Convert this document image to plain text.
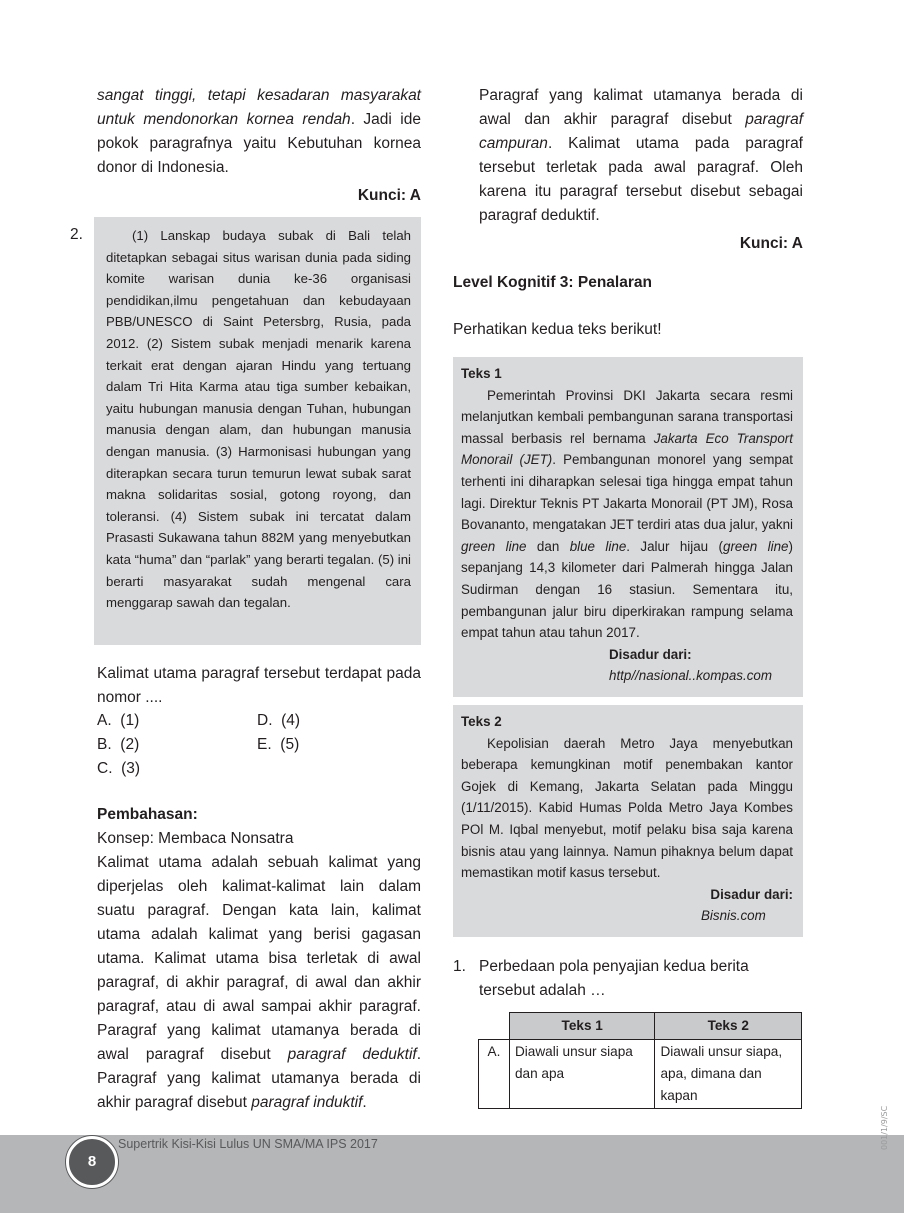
sangat tinggi, tetapi kesadaran masyarakat untuk mendonorkan kornea rendah. Jadi ide pokok paragrafnya yaitu Kebutuhan kornea donor di Indonesia.

Kunci: A

2.	(1) Lanskap budaya subak di Bali telah ditetapkan sebagai situs warisan dunia pada siding komite warisan dunia ke-36 organisasi pendidikan,ilmu pengetahuan dan kebudayaan PBB/UNESCO di Saint Petersbrg, Rusia, pada 2012. (2) Sistem subak menjadi menarik karena terkait erat dengan ajaran Hindu yang tertuang dalam Tri Hita Karma atau tiga sumber kebaikan, yaitu hubungan manusia dengan Tuhan, hubungan manusia dengan alam, dan hubungan manusia dengan manusia. (3) Harmonisasi hubungan yang diterapkan secara turun temurun lewat subak sarat makna solidaritas sosial, gotong royong, dan toleransi. (4) Sistem subak ini tercatat dalam Prasasti Sukawana tahun 882M yang menyebutkan kata “huma” dan “parlak” yang berarti tegalan. (5) ini berarti masyarakat sudah mengenal cara menggarap sawah dan tegalan.

Kalimat utama paragraf tersebut terdapat pada nomor ....

A. (1)
B. (2)
C. (3)
D. (4)
E. (5)

Pembahasan:

Konsep: Membaca Nonsatra

Kalimat utama adalah sebuah kalimat yang diperjelas oleh kalimat-kalimat lain dalam suatu paragraf. Dengan kata lain, kalimat utama adalah kalimat yang berisi gagasan utama. Kalimat utama bisa terletak di awal paragraf, di akhir paragraf, di awal dan akhir paragraf, atau di awal sampai akhir paragraf. Paragraf yang kalimat utamanya berada di awal paragraf disebut paragraf deduktif. Paragraf yang kalimat utamanya berada di akhir paragraf disebut paragraf induktif.

Paragraf yang kalimat utamanya berada di awal dan akhir paragraf disebut paragraf campuran. Kalimat utama pada paragraf tersebut terletak pada awal paragraf. Oleh karena itu paragraf tersebut disebut sebagai paragraf deduktif.

Kunci: A

Level Kognitif 3: Penalaran

Perhatikan kedua teks berikut!

Teks 1

Pemerintah Provinsi DKI Jakarta secara resmi melanjutkan kembali pembangunan sarana transportasi massal berbasis rel bernama Jakarta Eco Transport Monorail (JET). Pembangunan monorel yang sempat terhenti ini diharapkan selesai tiga hingga empat tahun lagi. Direktur Teknis PT Jakarta Monorail (PT JM), Rosa Bovananto, mengatakan JET terdiri atas dua jalur, yakni green line dan blue line. Jalur hijau (green line) sepanjang 14,3 kilometer dari Palmerah hingga Jalan Sudirman dengan 16 stasiun. Sementara itu, pembangunan jalur biru diperkirakan rampung selama empat tahun atau tahun 2017.

Disadur dari:

http//nasional..kompas.com

Teks 2

Kepolisian daerah Metro Jaya menyebutkan beberapa kemungkinan motif penembakan kantor Gojek di Kemang, Jakarta Selatan pada Minggu (1/11/2015). Kabid Humas Polda Metro Jaya Kombes POl M. Iqbal menyebut, motif pelaku bisa saja karena bisnis atau yang lainnya. Namun pihaknya belum dapat memastikan motif kasus tersebut.

Disadur dari:

Bisnis.com

1. Perbedaan pola penyajian kedua berita tersebut adalah …

	Teks 1	Teks 2
A.	Diawali unsur siapa dan apa	Diawali unsur siapa, apa, dimana dan kapan
Supertrik Kisi-Kisi Lulus UN SMA/MA IPS 2017
8
001/1/9/SC
